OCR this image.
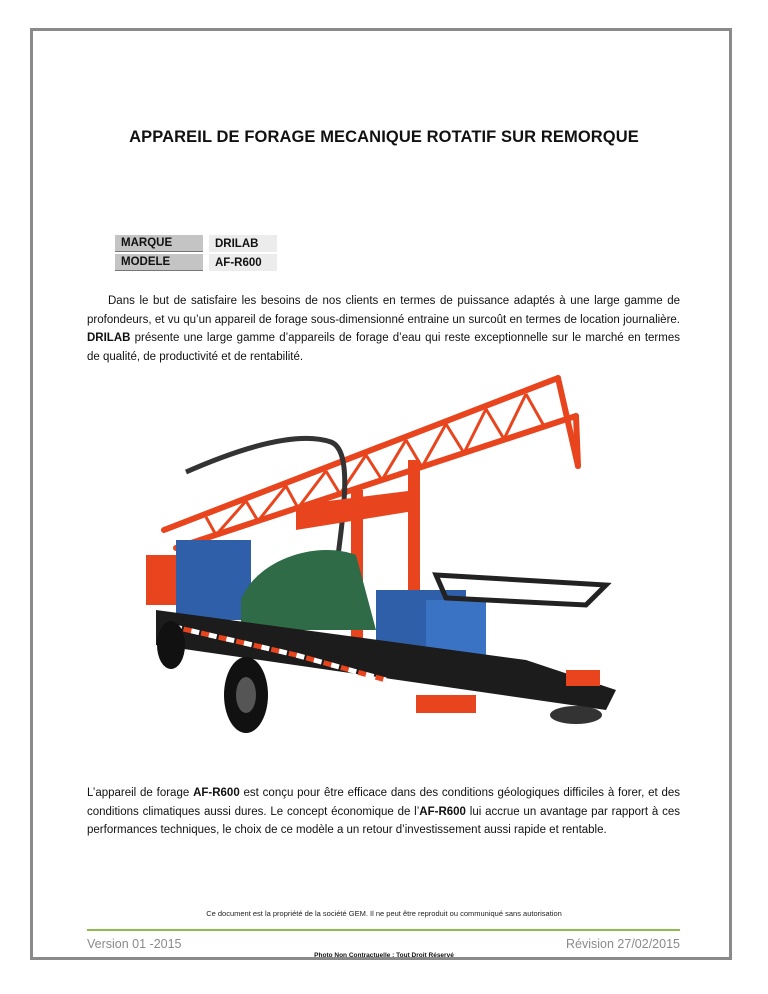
APPAREIL DE FORAGE MECANIQUE ROTATIF SUR REMORQUE
MARQUE		DRILAB
MODELE		AF-R600

Dans le but de satisfaire les besoins de nos clients en termes de puissance adaptés à une large gamme de profondeurs, et vu qu’un appareil de forage sous-dimensionné entraine un surcoût en termes de location journalière. DRILAB présente une large gamme d’appareils de forage d’eau qui reste exceptionnelle sur le marché en termes de qualité, de productivité et de rentabilité.

L’appareil de forage AF-R600 est conçu pour être efficace dans des conditions géologiques difficiles à forer, et des conditions climatiques aussi dures. Le concept économique de l’AF-R600 lui accrue un avantage par rapport à ces performances techniques, le choix de ce modèle a un retour d’investissement aussi rapide et rentable.

Ce document est la propriété de la société GEM. Il ne peut être reproduit ou communiqué sans autorisation
Version 01 -2015	Révision 27/02/2015
Photo Non Contractuelle : Tout Droit Réservé
